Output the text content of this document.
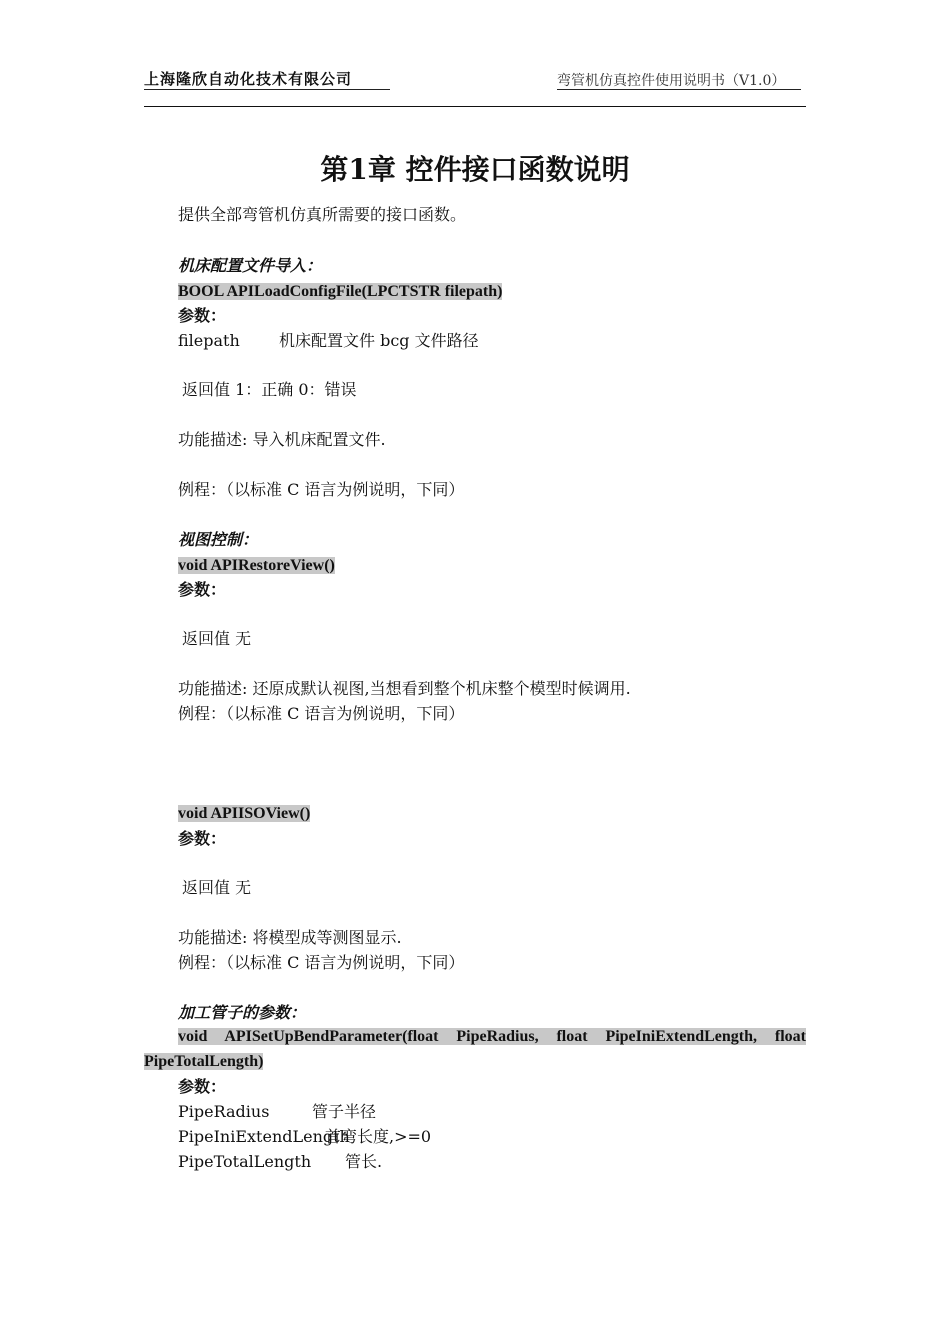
上海隆欣自动化技术有限公司	弯管机仿真控件使用说明书（V1.0）
第1章 控件接口函数说明
提供全部弯管机仿真所需要的接口函数。
机床配置文件导入：
BOOL APILoadConfigFile(LPCTSTR filepath)
参数：
filepath 机床配置文件 bcg 文件路径
返回值 1：正确 0：错误
功能描述: 导入机床配置文件.
例程：（以标准 C 语言为例说明，下同）
视图控制：
void APIRestoreView()
参数：
返回值 无
功能描述: 还原成默认视图,当想看到整个机床整个模型时候调用.
例程：（以标准 C 语言为例说明，下同）
void APIISOView()
参数：
返回值 无
功能描述: 将模型成等测图显示.
例程：（以标准 C 语言为例说明，下同）
加工管子的参数：
void APISetUpBendParameter(float PipeRadius, float PipeIniExtendLength, float
PipeTotalLength)
参数：
PipeRadius	管子半径
PipeIniExtendLength
首弯长度,>=0
PipeTotalLength 管长.
